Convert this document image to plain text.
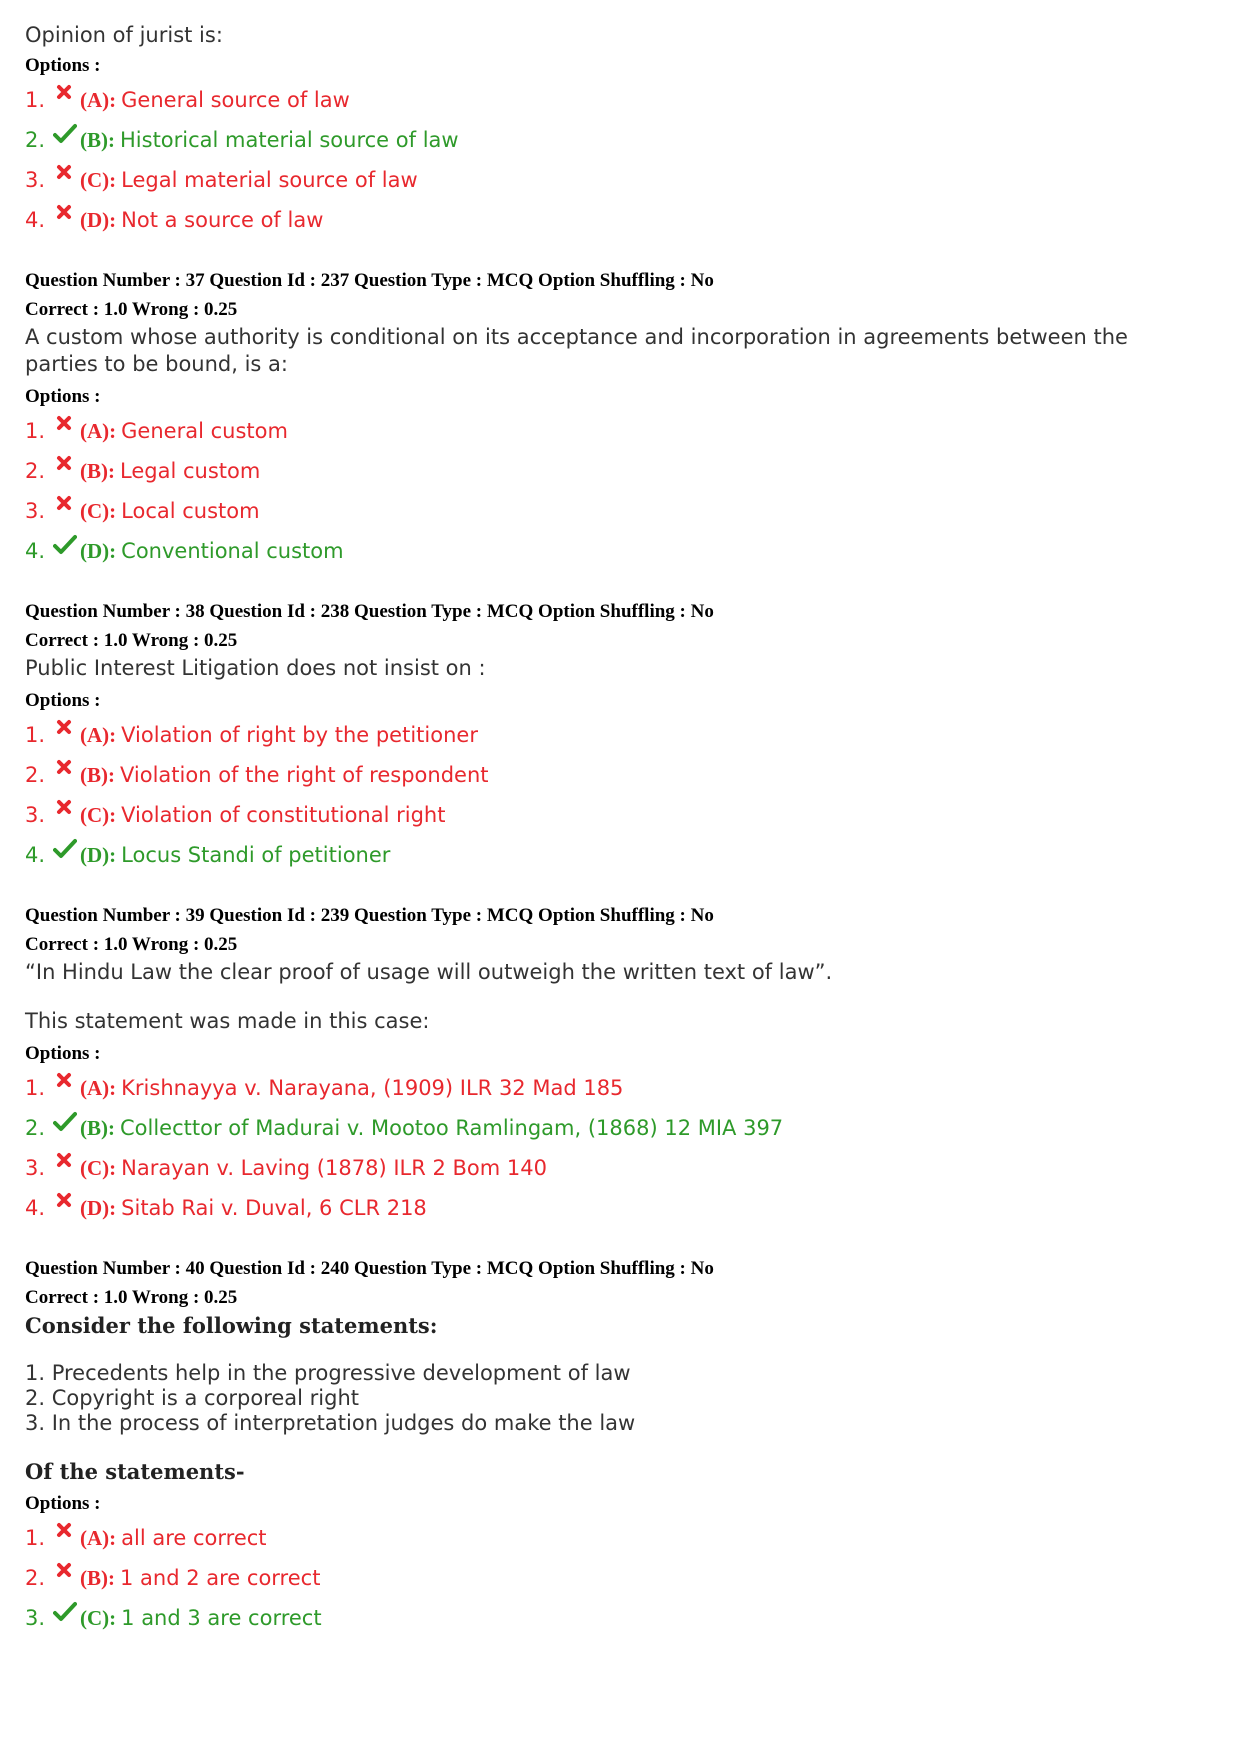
Opinion of jurist is:
Options :
1. (A): General source of law
2. (B): Historical material source of law
3. (C): Legal material source of law
4. (D): Not a source of law
Question Number : 37 Question Id : 237 Question Type : MCQ Option Shuffling : No
Correct : 1.0 Wrong : 0.25
A custom whose authority is conditional on its acceptance and incorporation in agreements between the
parties to be bound, is a:
Options :
1. (A): General custom
2. (B): Legal custom
3. (C): Local custom
4. (D): Conventional custom
Question Number : 38 Question Id : 238 Question Type : MCQ Option Shuffling : No
Correct : 1.0 Wrong : 0.25
Public Interest Litigation does not insist on :
Options :
1. (A): Violation of right by the petitioner
2. (B): Violation of the right of respondent
3. (C): Violation of constitutional right
4. (D): Locus Standi of petitioner
Question Number : 39 Question Id : 239 Question Type : MCQ Option Shuffling : No
Correct : 1.0 Wrong : 0.25
“In Hindu Law the clear proof of usage will outweigh the written text of law”.
This statement was made in this case:
Options :
1. (A): Krishnayya v. Narayana, (1909) ILR 32 Mad 185
2. (B): Collecttor of Madurai v. Mootoo Ramlingam, (1868) 12 MIA 397
3. (C): Narayan v. Laving (1878) ILR 2 Bom 140
4. (D): Sitab Rai v. Duval, 6 CLR 218
Question Number : 40 Question Id : 240 Question Type : MCQ Option Shuffling : No
Correct : 1.0 Wrong : 0.25
Consider the following statements:
1. Precedents help in the progressive development of law
2. Copyright is a corporeal right
3. In the process of interpretation judges do make the law
Of the statements-
Options :
1. (A): all are correct
2. (B): 1 and 2 are correct
3. (C): 1 and 3 are correct
